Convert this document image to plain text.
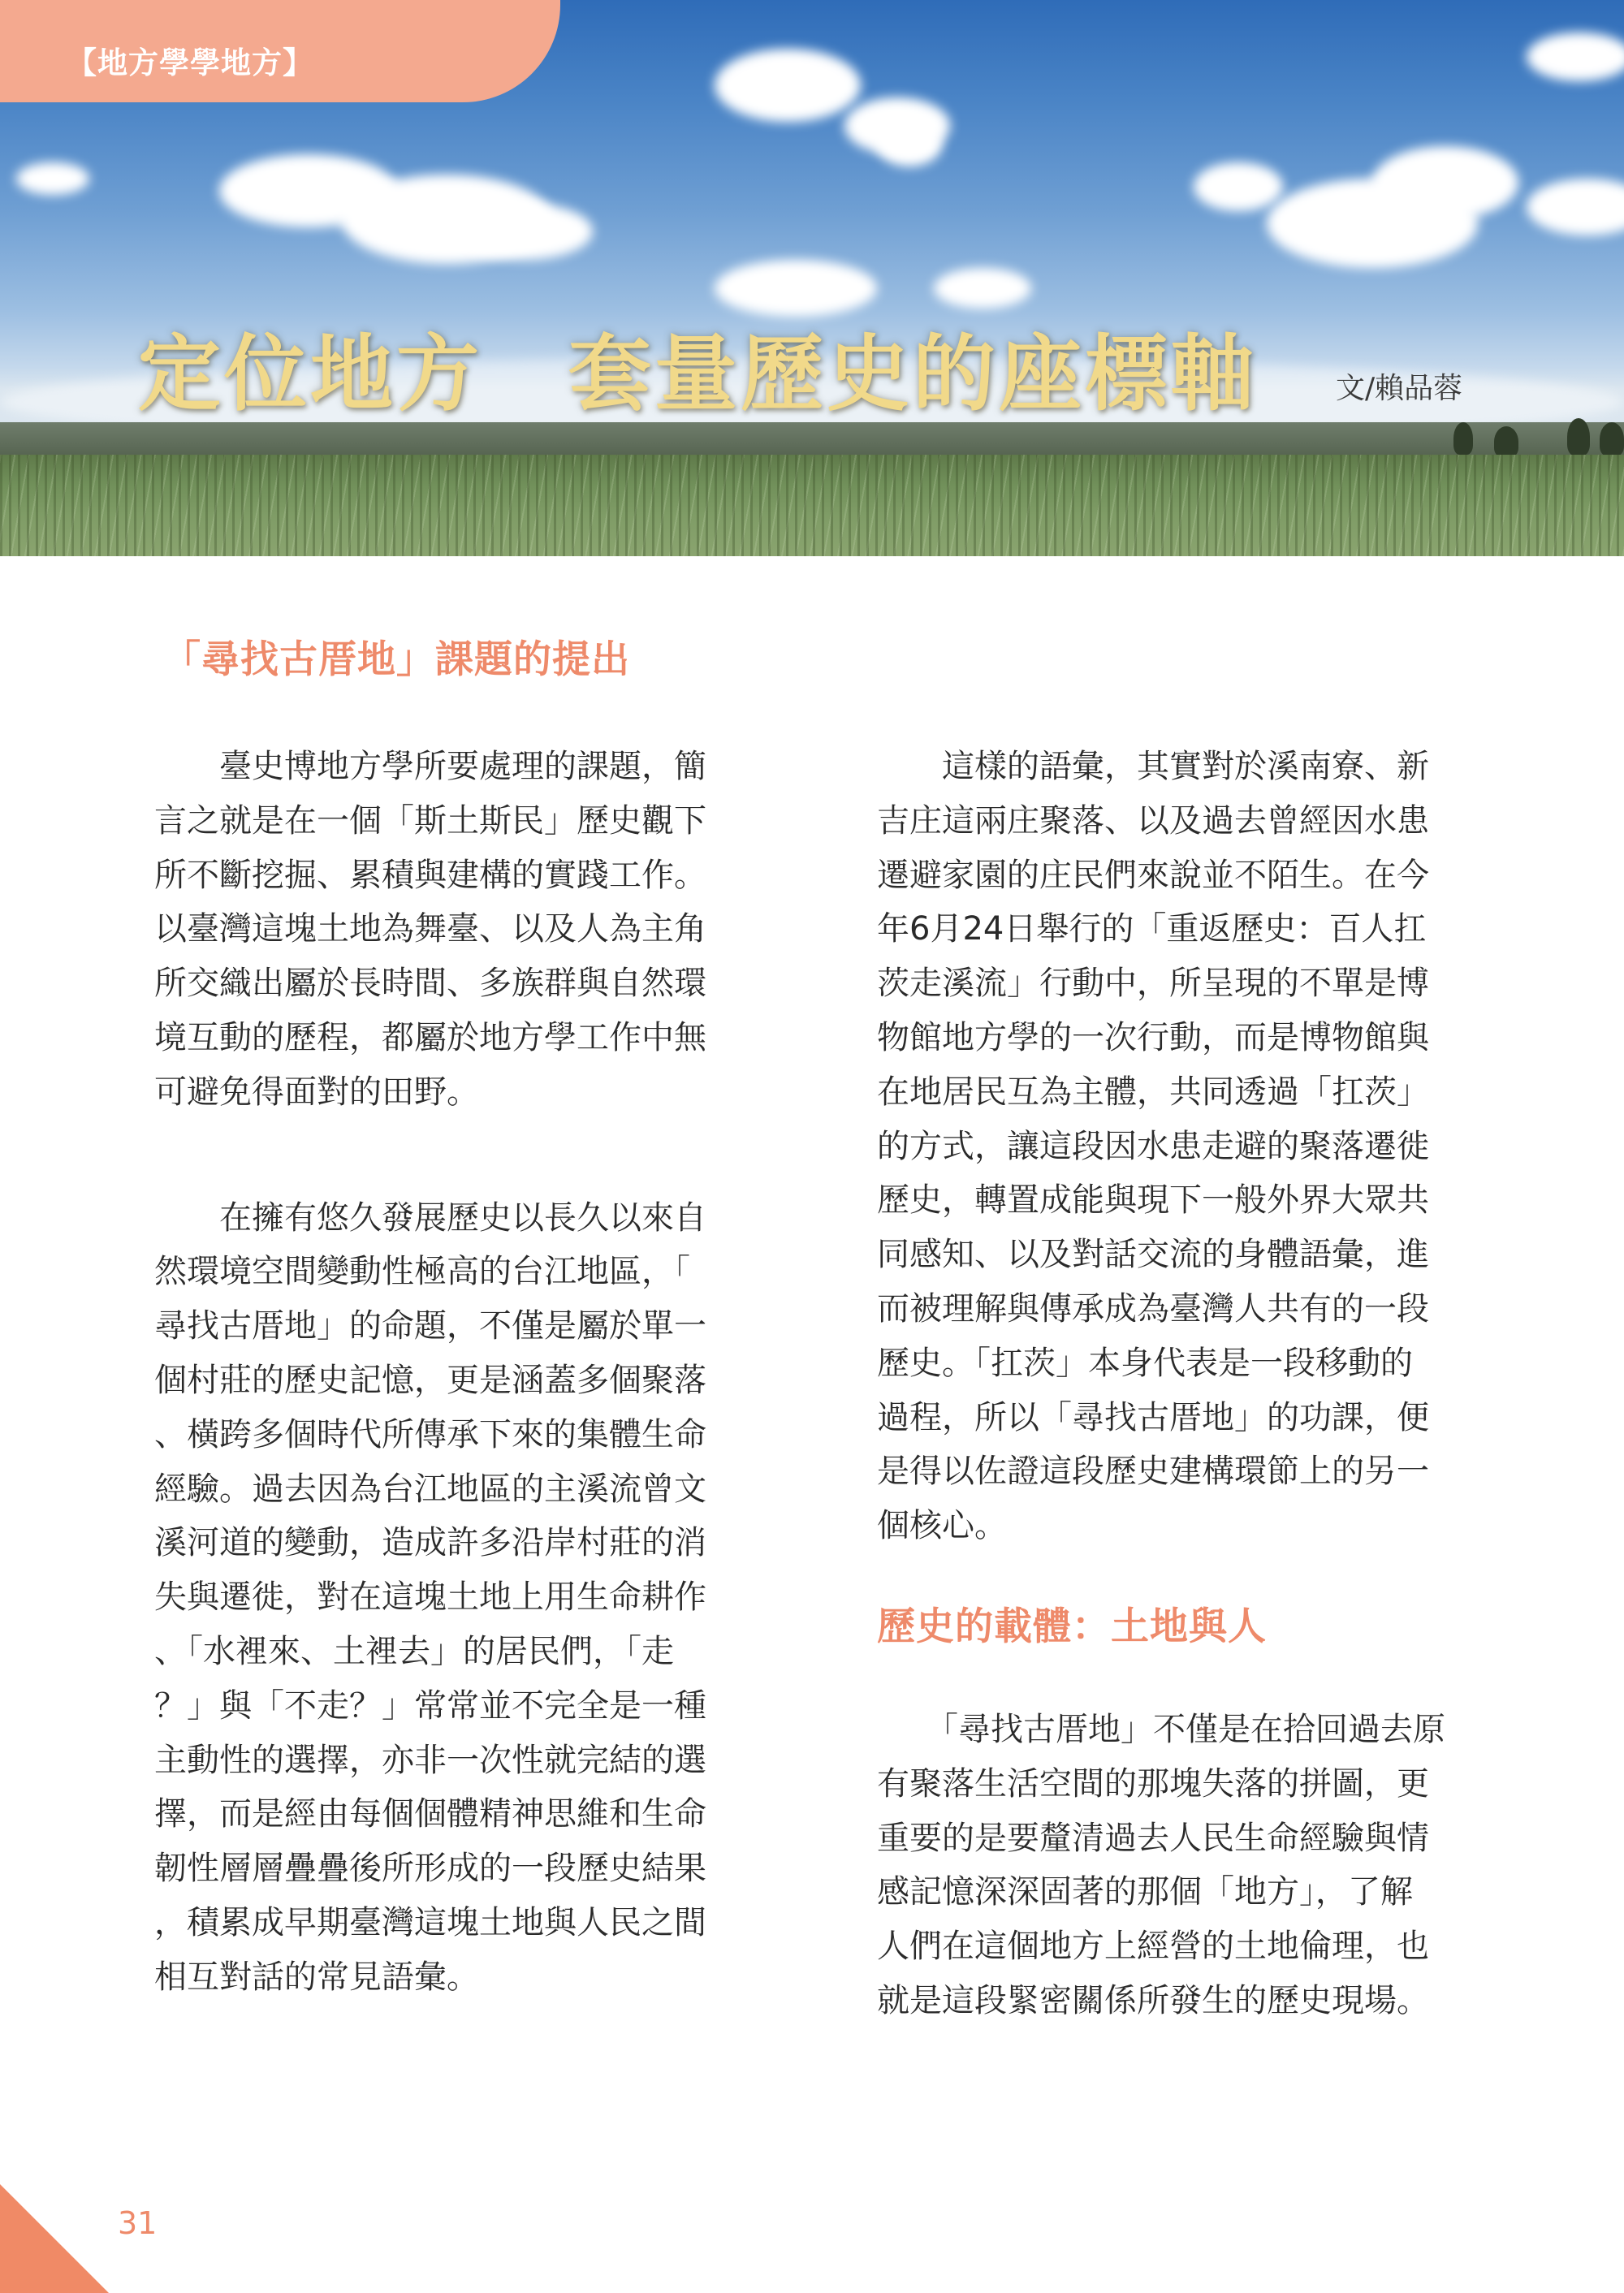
【地方學學地方】
定位地方　套量歷史的座標軸	文/賴品蓉
「尋找古厝地」課題的提出
　　臺史博地方學所要處理的課題，簡
言之就是在一個「斯土斯民」歷史觀下
所不斷挖掘、累積與建構的實踐工作。
以臺灣這塊土地為舞臺、以及人為主角
所交織出屬於長時間、多族群與自然環
境互動的歷程，都屬於地方學工作中無
可避免得面對的田野。
　　在擁有悠久發展歷史以長久以來自
然環境空間變動性極高的台江地區，「
尋找古厝地」的命題，不僅是屬於單一
個村莊的歷史記憶，更是涵蓋多個聚落
、橫跨多個時代所傳承下來的集體生命
經驗。過去因為台江地區的主溪流曾文
溪河道的變動，造成許多沿岸村莊的消
失與遷徙，對在這塊土地上用生命耕作
、「水裡來、土裡去」的居民們，「走
？」與「不走？」常常並不完全是一種
主動性的選擇，亦非一次性就完結的選
擇，而是經由每個個體精神思維和生命
韌性層層疊疊後所形成的一段歷史結果
，積累成早期臺灣這塊土地與人民之間
相互對話的常見語彙。
　　這樣的語彙，其實對於溪南寮、新
吉庄這兩庄聚落、以及過去曾經因水患
遷避家園的庄民們來說並不陌生。在今
年6月24日舉行的「重返歷史：百人扛
茨走溪流」行動中，所呈現的不單是博
物館地方學的一次行動，而是博物館與
在地居民互為主體，共同透過「扛茨」
的方式，讓這段因水患走避的聚落遷徙
歷史，轉置成能與現下一般外界大眾共
同感知、以及對話交流的身體語彙，進
而被理解與傳承成為臺灣人共有的一段
歷史。「扛茨」本身代表是一段移動的
過程，所以「尋找古厝地」的功課，便
是得以佐證這段歷史建構環節上的另一
個核心。
歷史的載體：土地與人
　　「尋找古厝地」不僅是在拾回過去原
有聚落生活空間的那塊失落的拼圖，更
重要的是要釐清過去人民生命經驗與情
感記憶深深固著的那個「地方」，了解
人們在這個地方上經營的土地倫理，也
就是這段緊密關係所發生的歷史現場。
31
